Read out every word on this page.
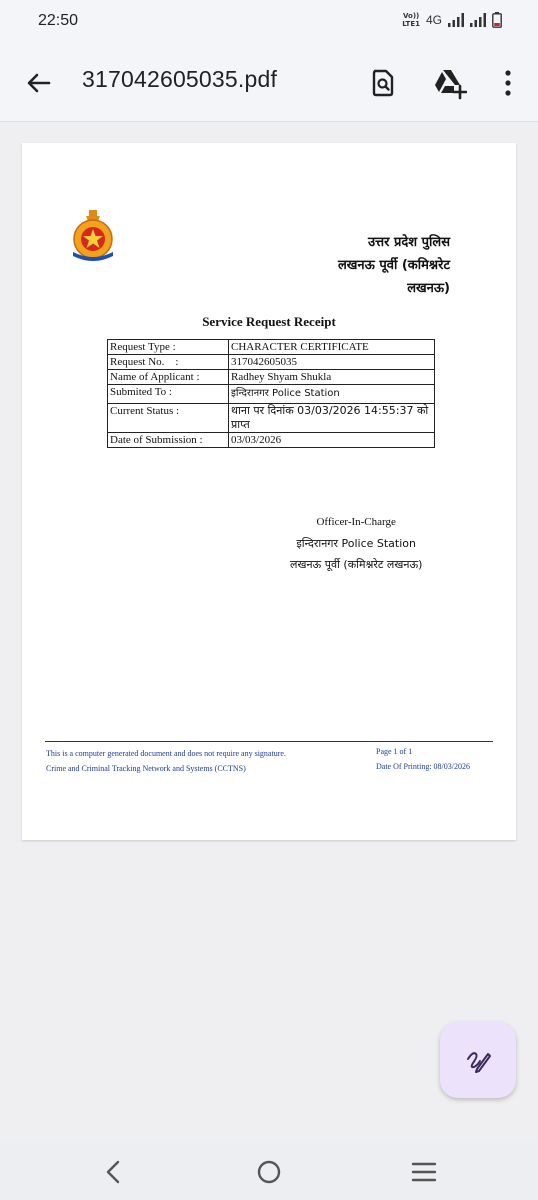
22:50	Vo))
LTE1 4G
317042605035.pdf
उत्तर प्रदेश पुलिस
लखनऊ पूर्वी (कमिश्नरेट
लखनऊ)
Service Request Receipt
Request Type :	CHARACTER CERTIFICATE
Request No.    :	317042605035
Name of Applicant :	Radhey Shyam Shukla
Submited To :	इन्दिरानगर Police Station
Current Status :	थाना पर दिनांक 03/03/2026 14:55:37 को प्राप्त
Date of Submission :	03/03/2026
Officer-In-Charge
इन्दिरानगर Police Station
लखनऊ पूर्वी (कमिश्नरेट लखनऊ)
This is a computer generated document and does not require any signature.
Crime and Criminal Tracking Network and Systems (CCTNS)
Page 1 of 1
Date Of Printing: 08/03/2026
